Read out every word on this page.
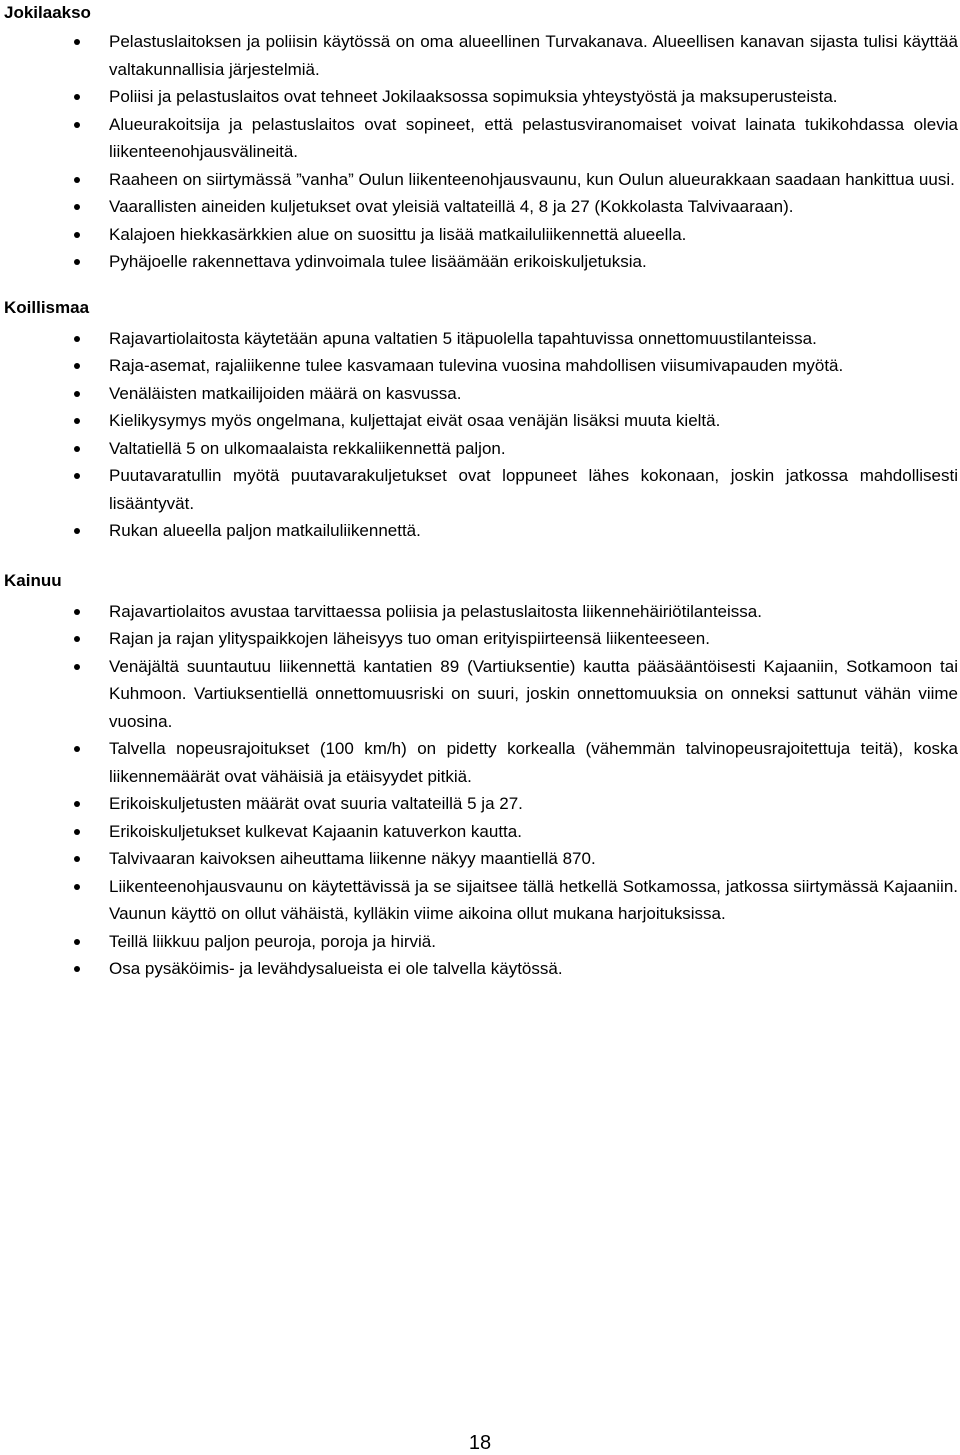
Jokilaakso
Pelastuslaitoksen ja poliisin käytössä on oma alueellinen Turvakanava. Alueellisen kanavan sijasta tulisi käyttää valtakunnallisia järjestelmiä.
Poliisi ja pelastuslaitos ovat tehneet Jokilaaksossa sopimuksia yhteystyöstä ja maksuperusteista.
Alueurakoitsija ja pelastuslaitos ovat sopineet, että pelastusviranomaiset voivat lainata tukikohdassa olevia liikenteenohjausvälineitä.
Raaheen on siirtymässä ”vanha” Oulun liikenteenohjausvaunu, kun Oulun alueurakkaan saadaan hankittua uusi.
Vaarallisten aineiden kuljetukset ovat yleisiä valtateillä 4, 8 ja 27 (Kokkolasta Talvivaaraan).
Kalajoen hiekkasärkkien alue on suosittu ja lisää matkailuliikennettä alueella.
Pyhäjoelle rakennettava ydinvoimala tulee lisäämään erikoiskuljetuksia.
Koillismaa
Rajavartiolaitosta käytetään apuna valtatien 5 itäpuolella tapahtuvissa onnettomuustilanteissa.
Raja-asemat, rajaliikenne tulee kasvamaan tulevina vuosina mahdollisen viisumivapauden myötä.
Venäläisten matkailijoiden määrä on kasvussa.
Kielikysymys myös ongelmana, kuljettajat eivät osaa venäjän lisäksi muuta kieltä.
Valtatiellä 5 on ulkomaalaista rekkaliikennettä paljon.
Puutavaratullin myötä puutavarakuljetukset ovat loppuneet lähes kokonaan, joskin jatkossa mahdollisesti lisääntyvät.
Rukan alueella paljon matkailuliikennettä.
Kainuu
Rajavartiolaitos avustaa tarvittaessa poliisia ja pelastuslaitosta liikennehäiriötilanteissa.
Rajan ja rajan ylityspaikkojen läheisyys tuo oman erityispiirteensä liikenteeseen.
Venäjältä suuntautuu liikennettä kantatien 89 (Vartiuksentie) kautta pääsääntöisesti Kajaaniin, Sotkamoon tai Kuhmoon. Vartiuksentiellä onnettomuusriski on suuri, joskin onnettomuuksia on onneksi sattunut vähän viime vuosina.
Talvella nopeusrajoitukset (100 km/h) on pidetty korkealla (vähemmän talvinopeusrajoitettuja teitä), koska liikennemäärät ovat vähäisiä ja etäisyydet pitkiä.
Erikoiskuljetusten määrät ovat suuria valtateillä 5 ja 27.
Erikoiskuljetukset kulkevat Kajaanin katuverkon kautta.
Talvivaaran kaivoksen aiheuttama liikenne näkyy maantiellä 870.
Liikenteenohjausvaunu on käytettävissä ja se sijaitsee tällä hetkellä Sotkamossa, jatkossa siirtymässä Kajaaniin. Vaunun käyttö on ollut vähäistä, kylläkin viime aikoina ollut mukana harjoituksissa.
Teillä liikkuu paljon peuroja, poroja ja hirviä.
Osa pysäköimis- ja levähdysalueista ei ole talvella käytössä.
18
